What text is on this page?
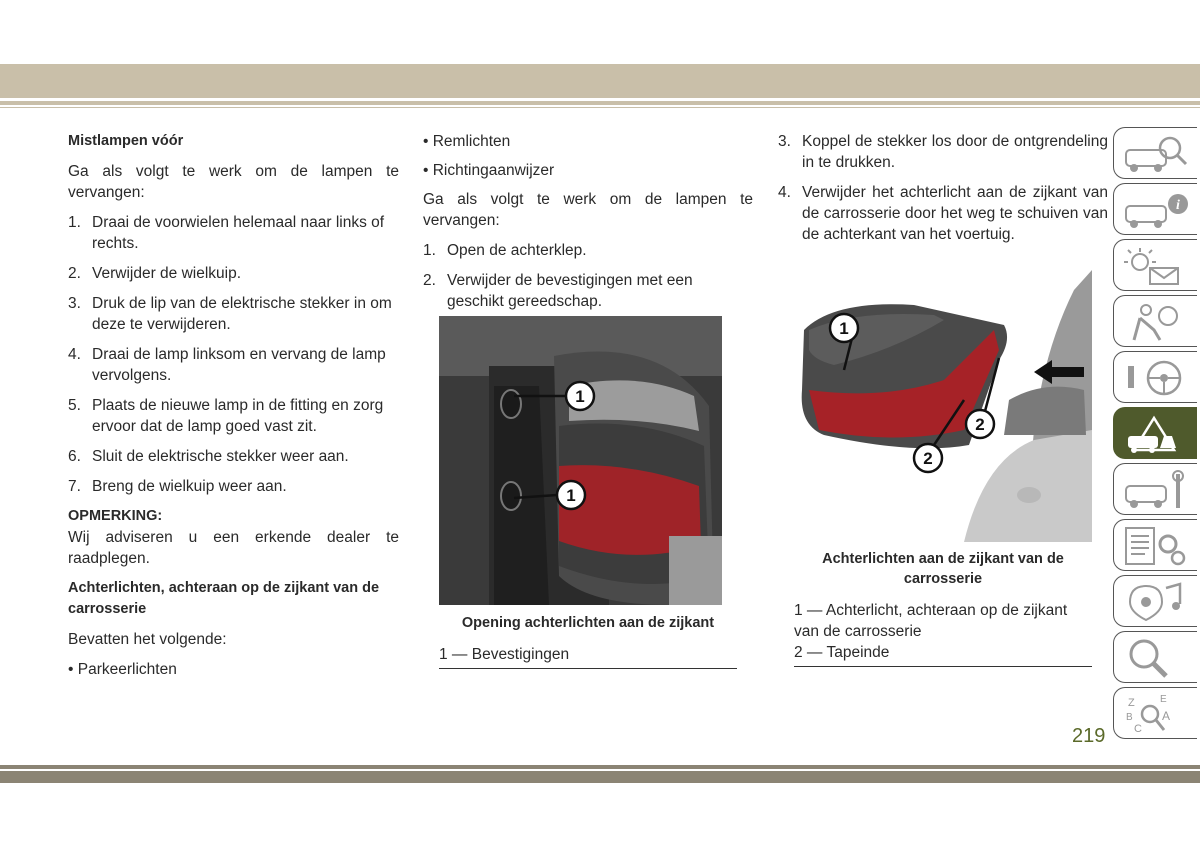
Mistlampen vóór

Ga als volgt te werk om de lampen te vervangen:

1. Draai de voorwielen helemaal naar links of rechts.
2. Verwijder de wielkuip.
3. Druk de lip van de elektrische stekker in om deze te verwijderen.
4. Draai de lamp linksom en vervang de lamp vervolgens.
5. Plaats de nieuwe lamp in de fitting en zorg ervoor dat de lamp goed vast zit.
6. Sluit de elektrische stekker weer aan.
7. Breng de wielkuip weer aan.
OPMERKING:

Wij adviseren u een erkende dealer te raadplegen.

Achterlichten, achteraan op de zijkant van de carrosserie

Bevatten het volgende:

• Parkeerlichten
• Remlichten
• Richtingaanwijzer

Ga als volgt te werk om de lampen te vervangen:

1. Open de achterklep.
2. Verwijder de bevestigingen met een geschikt gereedschap.
1
1
Opening achterlichten aan de zijkant
1 — Bevestigingen
3. Koppel de stekker los door de ontgrendeling in te drukken.
4. Verwijder het achterlicht aan de zijkant van de carrosserie door het weg te schuiven van de achterkant van het voertuig.
1
2
2
Achterlichten aan de zijkant van de carrosserie
1 — Achterlicht, achteraan op de zijkant van de carrosserie
2 — Tapeinde
i
Z	E
B A
C
219
